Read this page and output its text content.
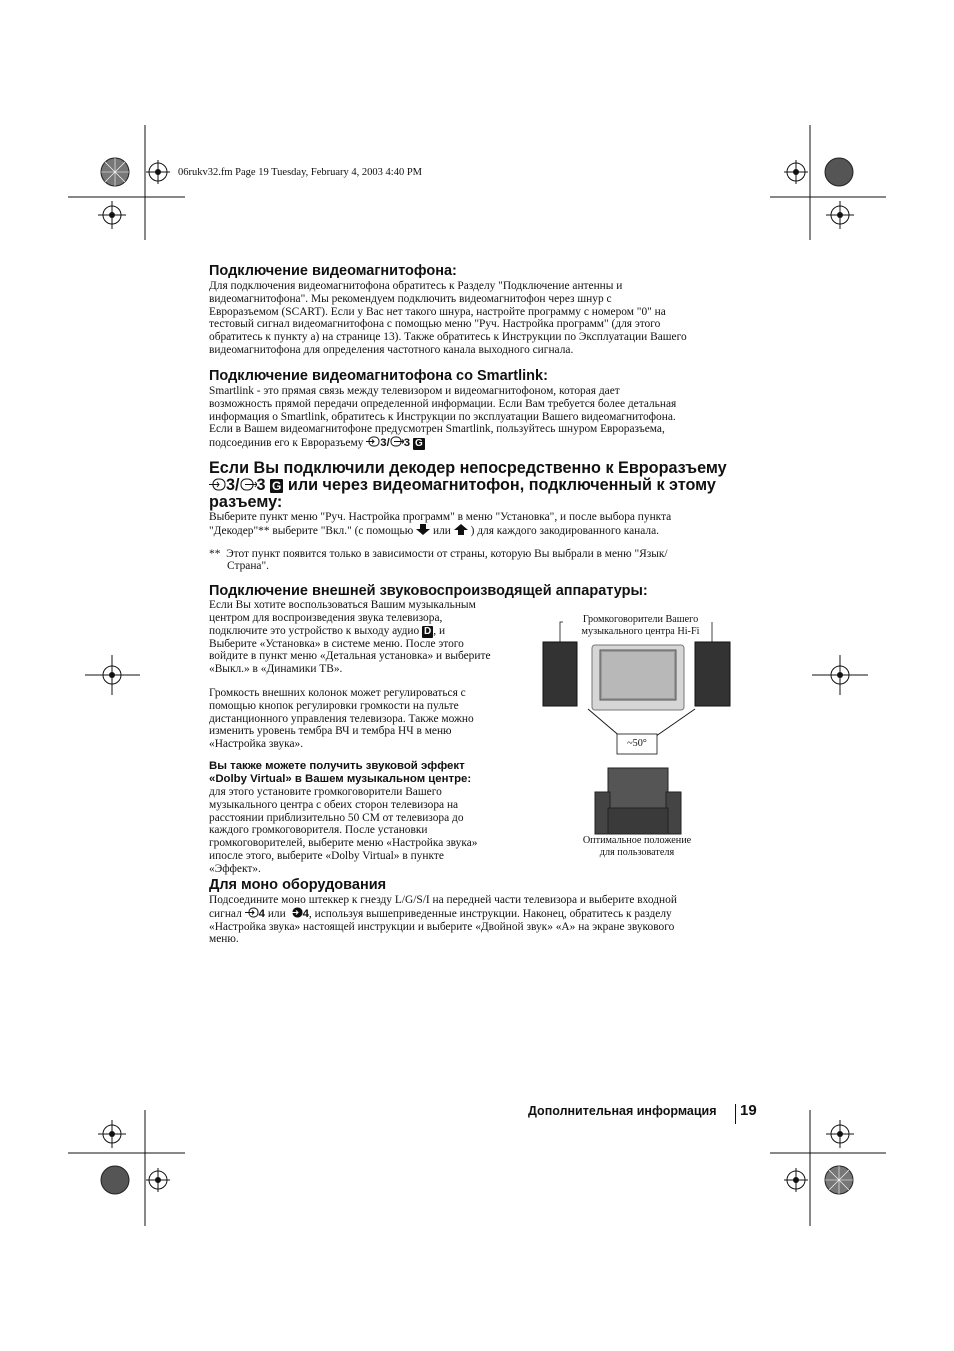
06rukv32.fm Page 19 Tuesday, February 4, 2003 4:40 PM

Подключение видеомагнитофона:

Для подключения видеомагнитофона обратитесь к Разделу "Подключение антенны и

видеомагнитофона". Мы рекомендуем подключить видеомагнитофон через шнур с

Евроразъемом (SCART). Если у Вас нет такого шнура, настройте программу с номером "0" на

тестовый сигнал видеомагнитофона с помощью меню "Руч. Настройка программ" (для этого

обратитесь к пункту а) на странице 13). Также обратитесь к Инструкции по Эксплуатации Вашего

видеомагнитофона для определения частотного канала выходного сигнала.

Подключение видеомагнитофона со Smartlink:

Smartlink - это прямая связь между телевизором и видеомагнитофоном, которая дает

возможность прямой передачи определенной информации. Если Вам требуется более детальная

информация о Smartlink, обратитесь к Инструкции по эксплуатации Вашего видеомагнитофона.

Если в Вашем видеомагнитофоне предусмотрен Smartlink, пользуйтесь шнуром Евроразъема,

подсоединив его к Евроразъему 3/ 3 G

Если Вы подключили декодер непосредственно к Евроразъему

3/ 3 G или через видеомагнитофон, подключенный к этому

разъему:

Выберите пункт меню "Руч. Настройка программ" в меню "Установка", и после выбора пункта

"Декодер"** выберите "Вкл." (с помощью или ) для каждого закодированного канала.

** Этот пункт появится только в зависимости от страны, которую Вы выбрали в меню "Язык/

Страна".

Подключение внешней звуковоспроизводящей аппаратуры:

Если Вы хотите воспользоваться Вашим музыкальным

центром для воспроизведения звука телевизора,

подключите это устройство к выходу аудио D , и

Выберите «Установка» в системе меню. После этого

войдите в пункт меню «Детальная установка» и выберите

«Выкл.» в «Динамики ТВ».

Громкость внешних колонок может регулироваться с

помощью кнопок регулировки громкости на пульте

дистанционного управления телевизора. Также можно

изменить уровень тембра ВЧ и тембра НЧ в меню

«Настройка звука».

Вы также можете получить звуковой эффект

«Dolby Virtual» в Вашем музыкальном центре:

для этого установите громкоговорители Вашего

музыкального центра с обеих сторон телевизора на

расстоянии приблизительно 50 СМ от телевизора до

каждого громкоговорителя. После установки

громкоговорителей, выберите меню «Настройка звука»

ипосле этого, выберите «Dolby Virtual» в пункте

«Эффект».

Громкоговорители Вашего
музыкального центра Hi-Fi
~50°
Оптимальное положение
для пользователя

Для моно оборудования

Подсоедините моно штеккер к гнезду L/G/S/I на передней части телевизора и выберите входной

сигнал 4 или 4, используя вышеприведенные инструкции. Наконец, обратитесь к разделу

«Настройка звука» настоящей инструкции и выберите «Двойной звук» «А» на экране звукового

меню.

Дополнительная информация 19
